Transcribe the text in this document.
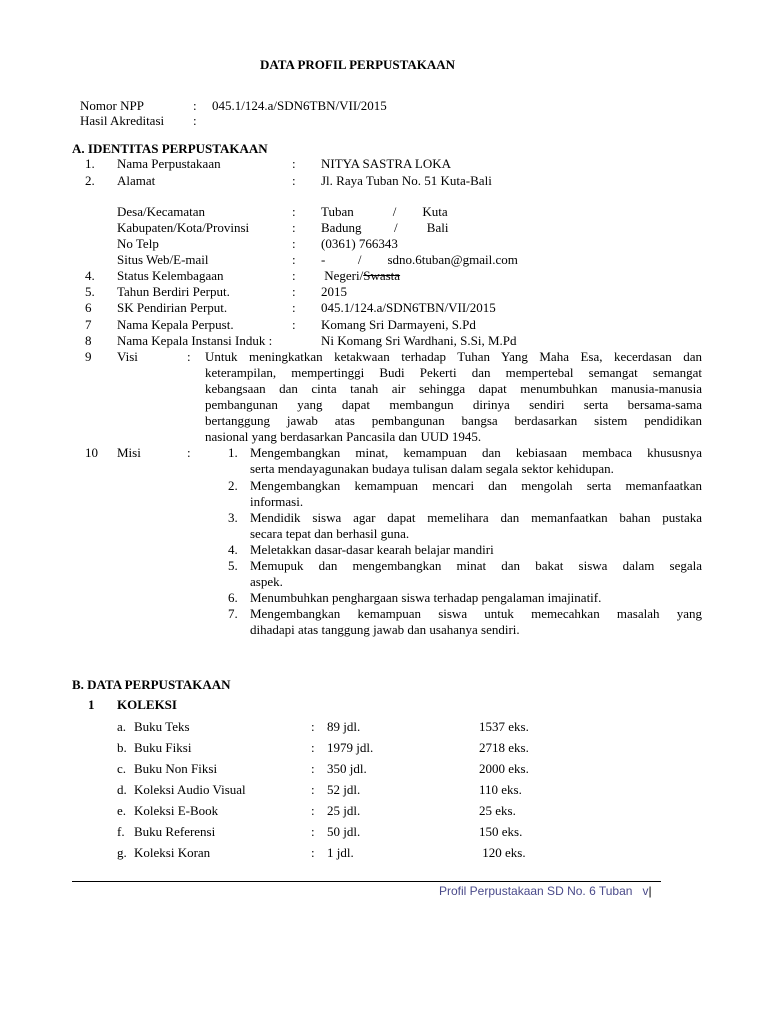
DATA PROFIL PERPUSTAKAAN
Nomor NPP	: 045.1/124.a/SDN6TBN/VII/2015
Hasil Akreditasi :
A. IDENTITAS PERPUSTAKAAN
1. Nama Perpustakaan	: NITYA SASTRA LOKA
2. Alamat	: Jl. Raya Tuban No. 51 Kuta-Bali
Desa/Kecamatan	: Tuban            /        Kuta
Kabupaten/Kota/Provinsi	: Badung          /         Bali
No Telp	: (0361) 766343
Situs Web/E-mail	: -          /        sdno.6tuban@gmail.com
4. Status Kelembagaan	: Negeri/Swasta
5. Tahun Berdiri Perput.	: 2015
6 SK Pendirian Perput.	: 045.1/124.a/SDN6TBN/VII/2015
7 Nama Kepala Perpust.	: Komang Sri Darmayeni, S.Pd
8 Nama Kepala Instansi Induk :	Ni Komang Sri Wardhani, S.Si, M.Pd
9 Visi	: Untuk meningkatkan ketakwaan terhadap Tuhan Yang Maha Esa, kecerdasan dan
keterampilan, mempertinggi Budi Pekerti dan mempertebal semangat semangat
kebangsaan dan cinta tanah air sehingga dapat menumbuhkan manusia-manusia
pembangunan yang dapat membangun dirinya sendiri serta bersama-sama
bertanggung jawab atas pembangunan bangsa berdasarkan sistem pendidikan
nasional yang berdasarkan Pancasila dan UUD 1945.
10 Misi	:	1. Mengembangkan minat, kemampuan dan kebiasaan membaca khususnya
serta mendayagunakan budaya tulisan dalam segala sektor kehidupan.
2. Mengembangkan kemampuan mencari dan mengolah serta memanfaatkan
informasi.
3. Mendidik siswa agar dapat memelihara dan memanfaatkan bahan pustaka
secara tepat dan berhasil guna.
4. Meletakkan dasar-dasar kearah belajar mandiri
5. Memupuk dan mengembangkan minat dan bakat siswa dalam segala
aspek.
6. Menumbuhkan penghargaan siswa terhadap pengalaman imajinatif.
7. Mengembangkan kemampuan siswa untuk memecahkan masalah yang
dihadapi atas tanggung jawab dan usahanya sendiri.
B. DATA PERPUSTAKAAN
1 KOLEKSI
a. Buku Teks	: 89 jdl.	1537 eks.
b. Buku Fiksi	: 1979 jdl.	2718 eks.
c. Buku Non Fiksi	: 350 jdl.	2000 eks.
d. Koleksi Audio Visual	: 52 jdl.	110 eks.
e. Koleksi E-Book	: 25 jdl.	25 eks.
f. Buku Referensi	: 50 jdl.	150 eks.
g. Koleksi Koran	: 1 jdl.	120 eks.
Profil Perpustakaan SD No. 6 Tuban v|
